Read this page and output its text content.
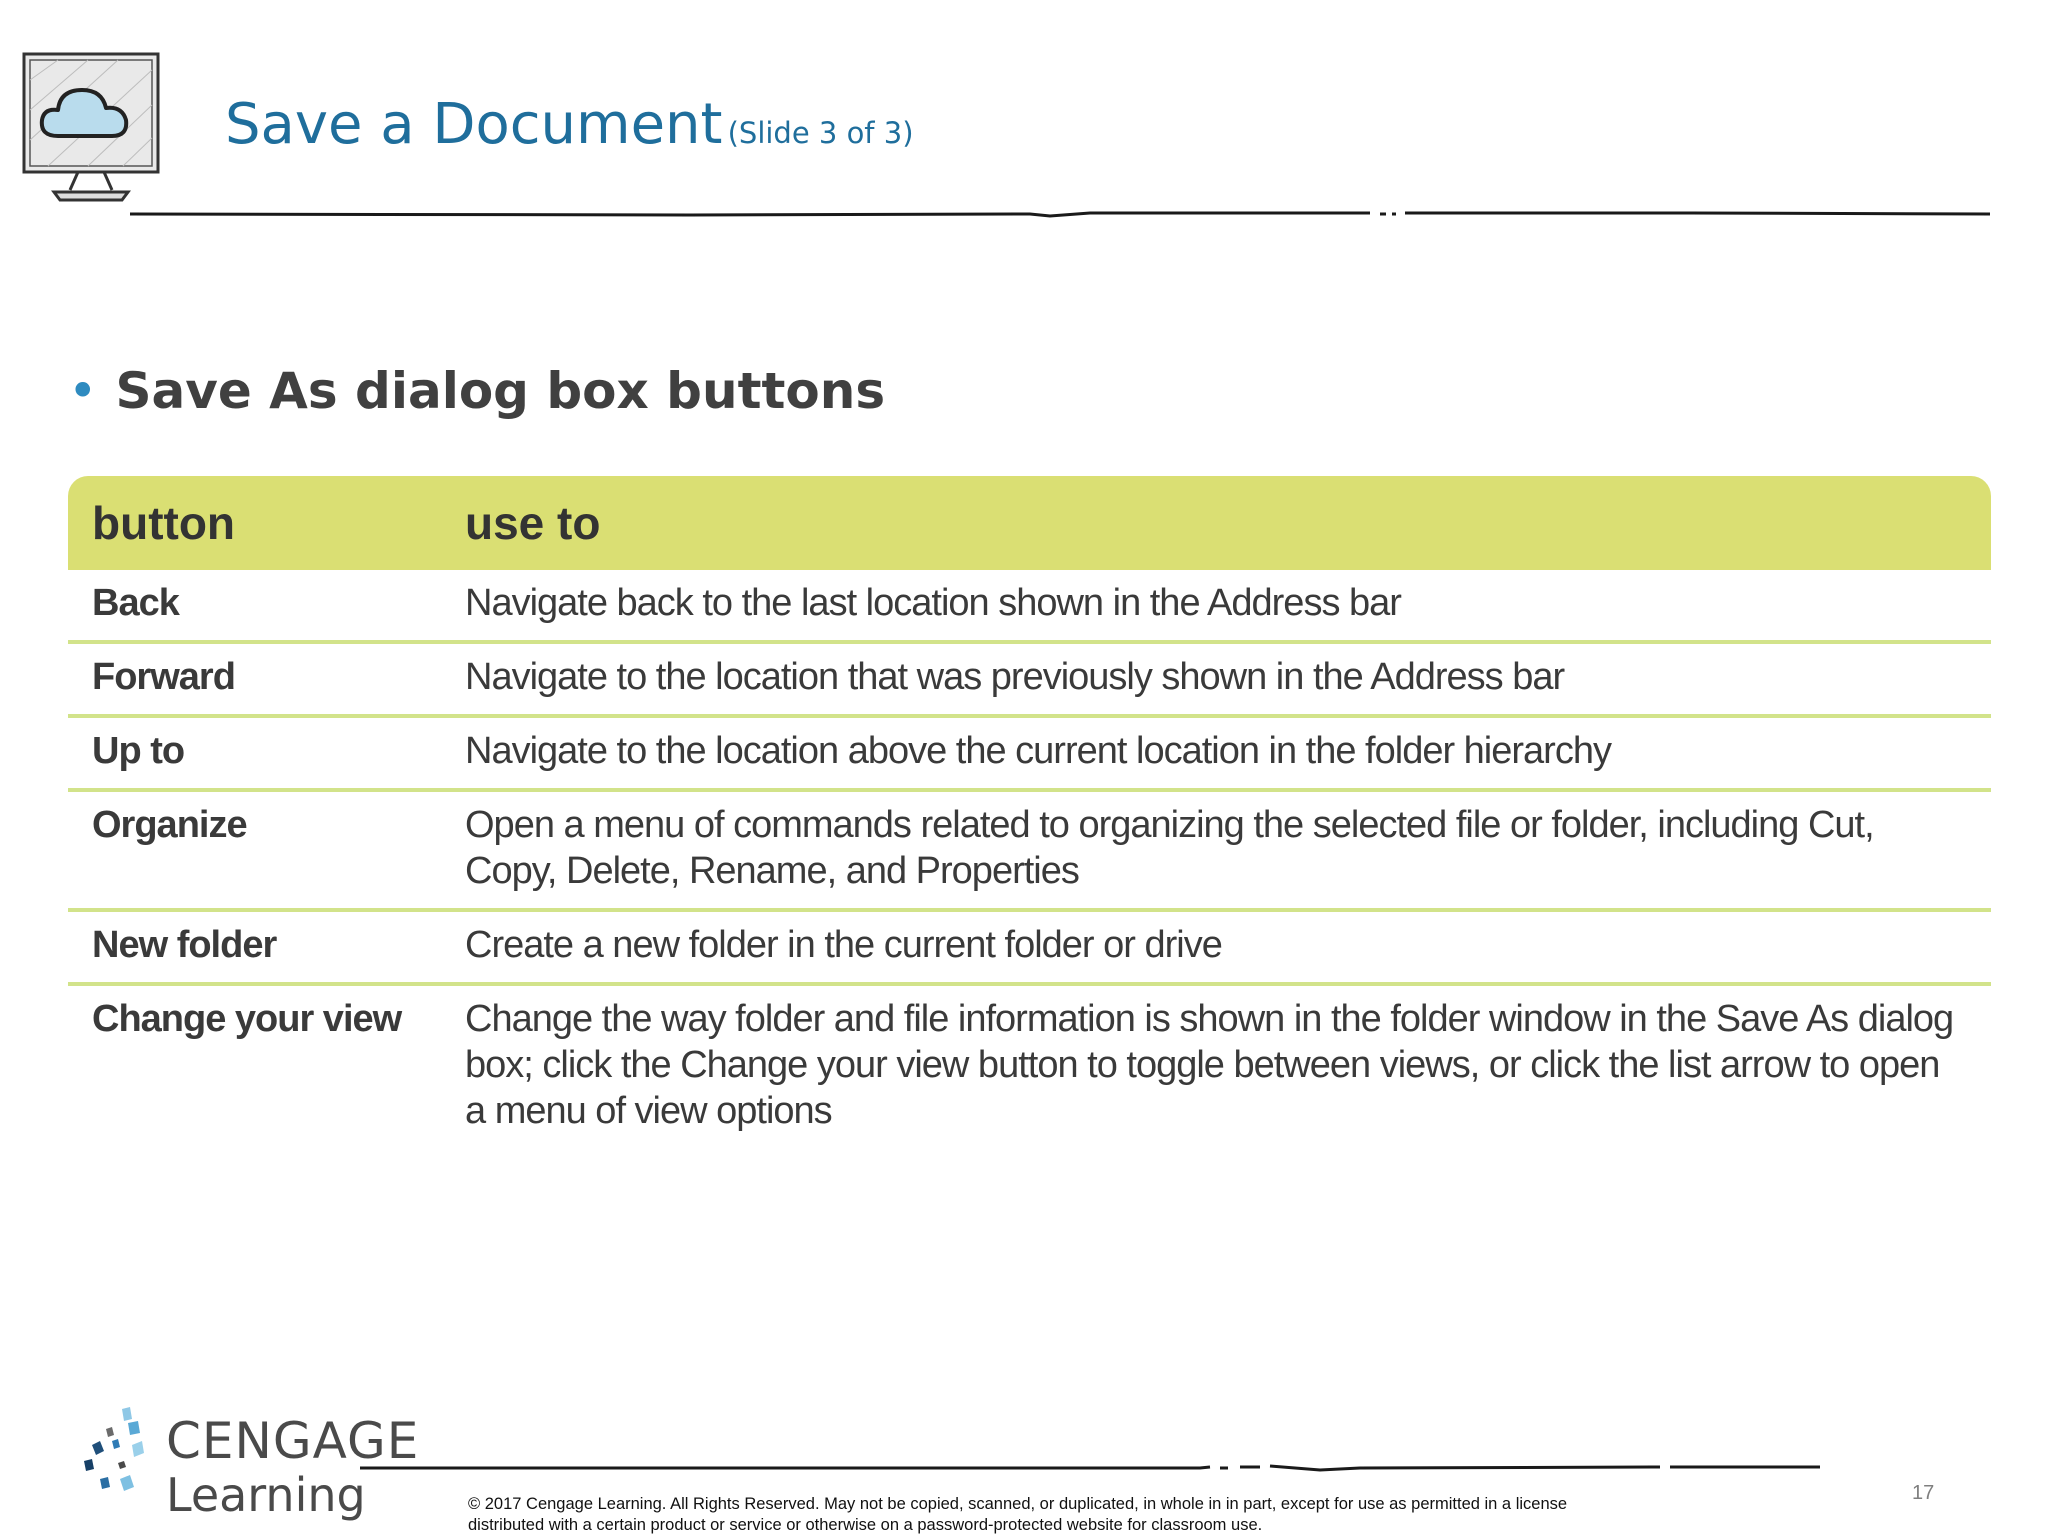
Save a Document (Slide 3 of 3)
• Save As dialog box buttons
button	use to
Back	Navigate back to the last location shown in the Address bar
Forward	Navigate to the location that was previously shown in the Address bar
Up to	Navigate to the location above the current location in the folder hierarchy
Organize	Open a menu of commands related to organizing the selected file or folder, including Cut, Copy, Delete, Rename, and Properties
New folder	Create a new folder in the current folder or drive
Change your view	Change the way folder and file information is shown in the folder window in the Save As dialog box; click the Change your view button to toggle between views, or click the list arrow to open a menu of view options
CENGAGE
Learning	© 2017 Cengage Learning. All Rights Reserved. May not be copied, scanned, or duplicated, in whole in in part, except for use as permitted in a license
distributed with a certain product or service or otherwise on a password-protected website for classroom use.
17
